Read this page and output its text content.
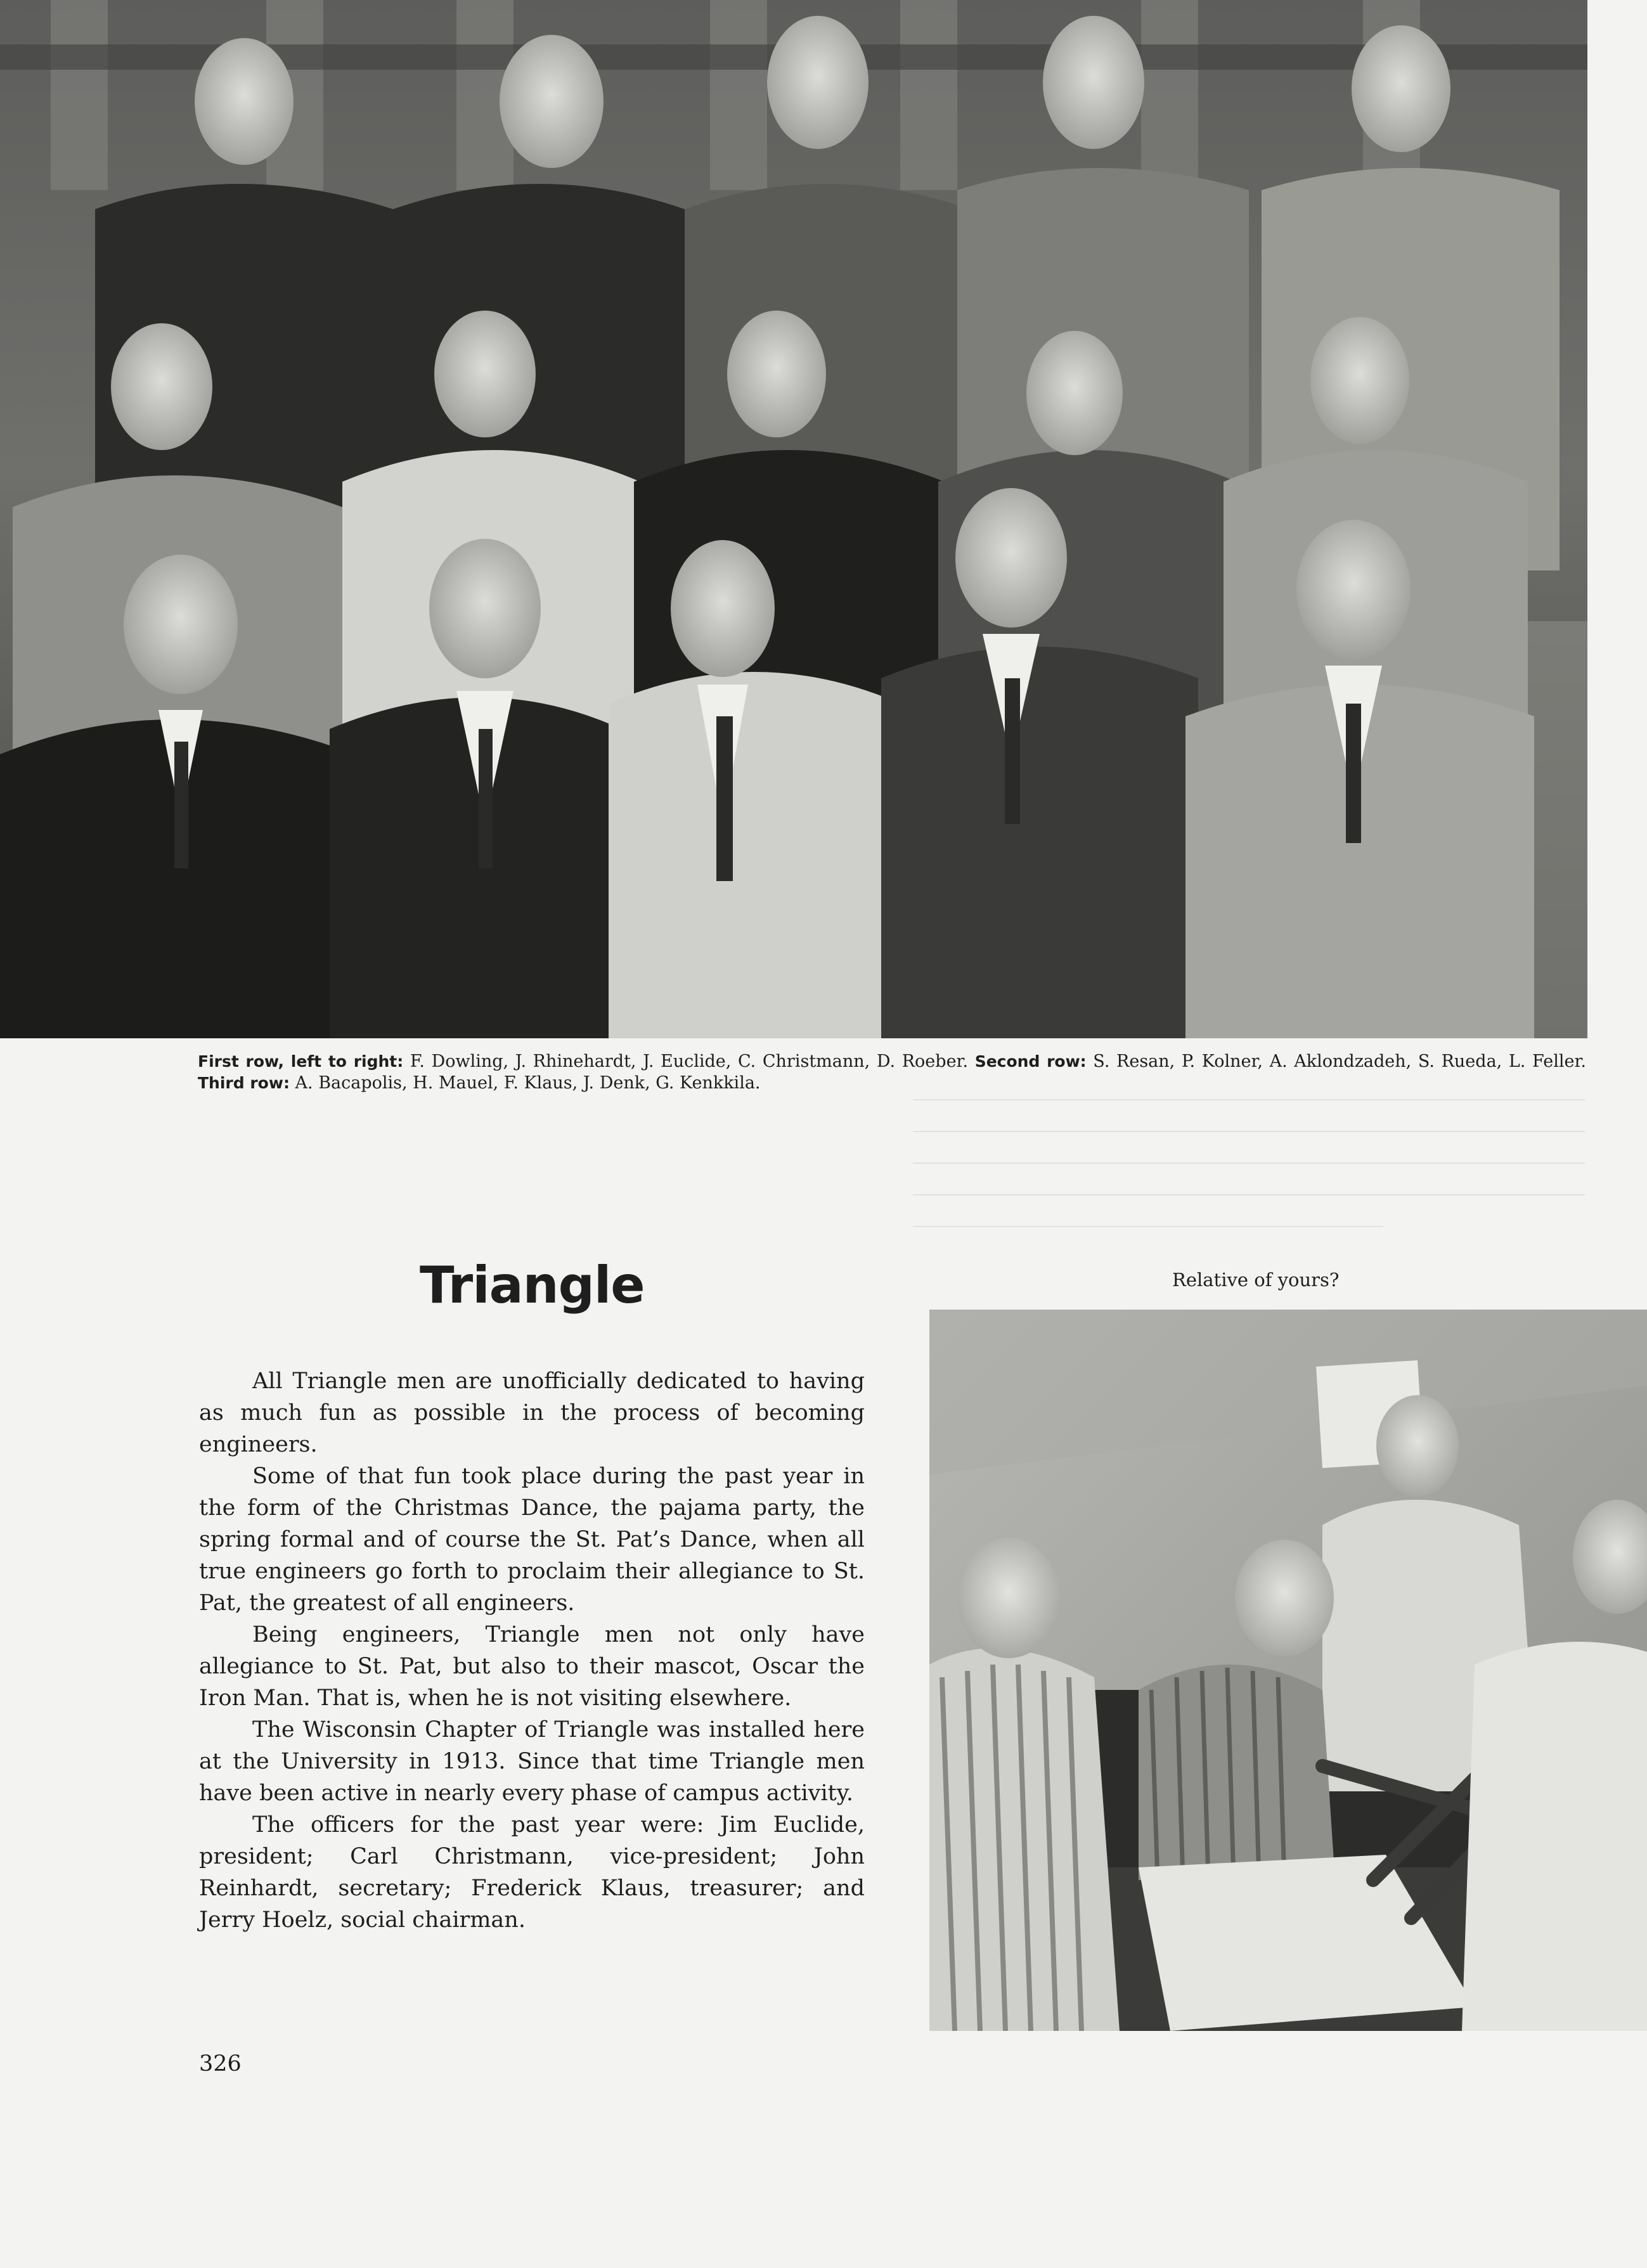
First row, left to right: F. Dowling, J. Rhinehardt, J. Euclide, C. Christmann, D. Roeber. Second row: S. Resan, P. Kolner, A. Aklondzadeh, S. Rueda, L. Feller. Third row: A. Bacapolis, H. Mauel, F. Klaus, J. Denk, G. Kenkkila.
Triangle	Relative of yours?

All Triangle men are unofficially dedicated to having as much fun as possible in the process of becoming engineers.

Some of that fun took place during the past year in the form of the Christmas Dance, the pajama party, the spring formal and of course the St. Pat’s Dance, when all true engineers go forth to proclaim their allegiance to St. Pat, the greatest of all engineers.

Being engineers, Triangle men not only have allegiance to St. Pat, but also to their mascot, Oscar the Iron Man. That is, when he is not visiting elsewhere.

The Wisconsin Chapter of Triangle was installed here at the University in 1913. Since that time Triangle men have been active in nearly every phase of campus activity.

The officers for the past year were: Jim Euclide, president; Carl Christmann, vice-president; John Reinhardt, secretary; Frederick Klaus, treasurer; and Jerry Hoelz, social chairman.

326
